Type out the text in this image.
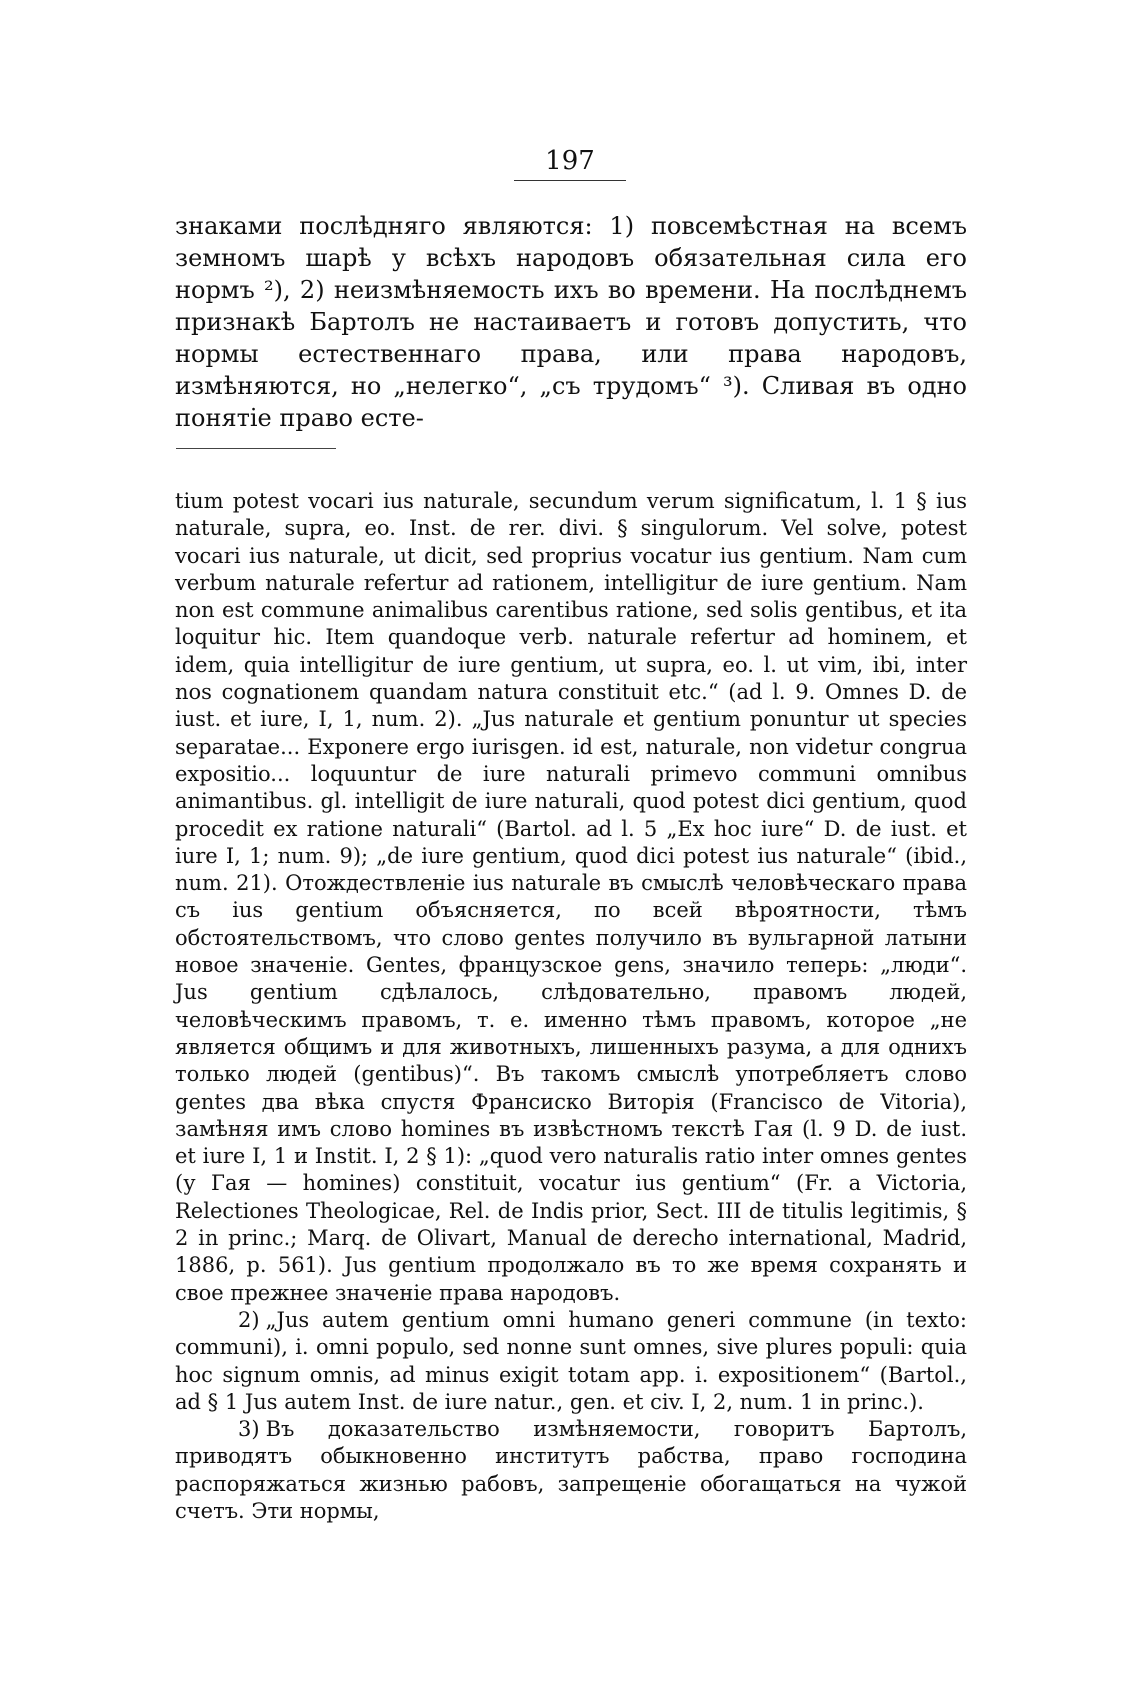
197

знаками послѣдняго являются: 1) повсемѣстная на всемъ земномъ шарѣ у всѣхъ народовъ обязательная сила его нормъ ²), 2) неизмѣняемость ихъ во времени. На послѣднемъ признакѣ Бартолъ не настаиваетъ и готовъ допустить, что нормы естественнаго права, или права народовъ, измѣняются, но „нелегко“, „съ трудомъ“ ³). Сливая въ одно понятіе право есте-

tium potest vocari ius naturale, secundum verum significatum, l. 1 § ius naturale, supra, eo. Inst. de rer. divi. § singulorum. Vel solve, potest vocari ius naturale, ut dicit, sed proprius vocatur ius gentium. Nam cum verbum naturale refertur ad rationem, intelligitur de iure gentium. Nam non est commune animalibus carentibus ratione, sed solis gentibus, et ita loquitur hic. Item quandoque verb. naturale refertur ad hominem, et idem, quia intelligitur de iure gentium, ut supra, eo. l. ut vim, ibi, inter nos cognationem quandam natura constituit etc.“ (ad l. 9. Omnes D. de iust. et iure, I, 1, num. 2). „Jus naturale et gentium ponuntur ut species separatae... Exponere ergo iurisgen. id est, naturale, non videtur congrua expositio... loquuntur de iure naturali primevo communi omnibus animantibus. gl. intelligit de iure naturali, quod potest dici gentium, quod procedit ex ratione naturali“ (Bartol. ad l. 5 „Ex hoc iure“ D. de iust. et iure I, 1; num. 9); „de iure gentium, quod dici potest ius naturale“ (ibid., num. 21). Отождествленіе ius naturale въ смыслѣ человѣческаго права съ ius gentium объясняется, по всей вѣроятности, тѣмъ обстоятельствомъ, что слово gentes получило въ вульгарной латыни новое значеніе. Gentes, французское gens, значило теперь: „люди“. Jus gentium сдѣлалось, слѣдовательно, правомъ людей, человѣческимъ правомъ, т. е. именно тѣмъ правомъ, которое „не является общимъ и для животныхъ, лишенныхъ разума, а для однихъ только людей (gentibus)“. Въ такомъ смыслѣ употребляетъ слово gentes два вѣка спустя Франсиско Виторія (Francisco de Vitoria), замѣняя имъ слово homines въ извѣстномъ текстѣ Гая (l. 9 D. de iust. et iure I, 1 и Instit. I, 2 § 1): „quod vero naturalis ratio inter omnes gentes (у Гая — homines) constituit, vocatur ius gentium“ (Fr. a Victoria, Relectiones Theologicae, Rel. de Indis prior, Sect. III de titulis legitimis, § 2 in princ.; Marq. de Olivart, Manual de derecho international, Madrid, 1886, p. 561). Jus gentium продолжало въ то же время сохранять и свое прежнее значеніе права народовъ.

2) „Jus autem gentium omni humano generi commune (in texto: communi), i. omni populo, sed nonne sunt omnes, sive plures populi: quia hoc signum omnis, ad minus exigit totam app. i. expositionem“ (Bartol., ad § 1 Jus autem Inst. de iure natur., gen. et civ. I, 2, num. 1 in princ.).

3) Въ доказательство измѣняемости, говоритъ Бартолъ, приводятъ обыкновенно институтъ рабства, право господина распоряжаться жизнью рабовъ, запрещеніе обогащаться на чужой счетъ. Эти нормы,
